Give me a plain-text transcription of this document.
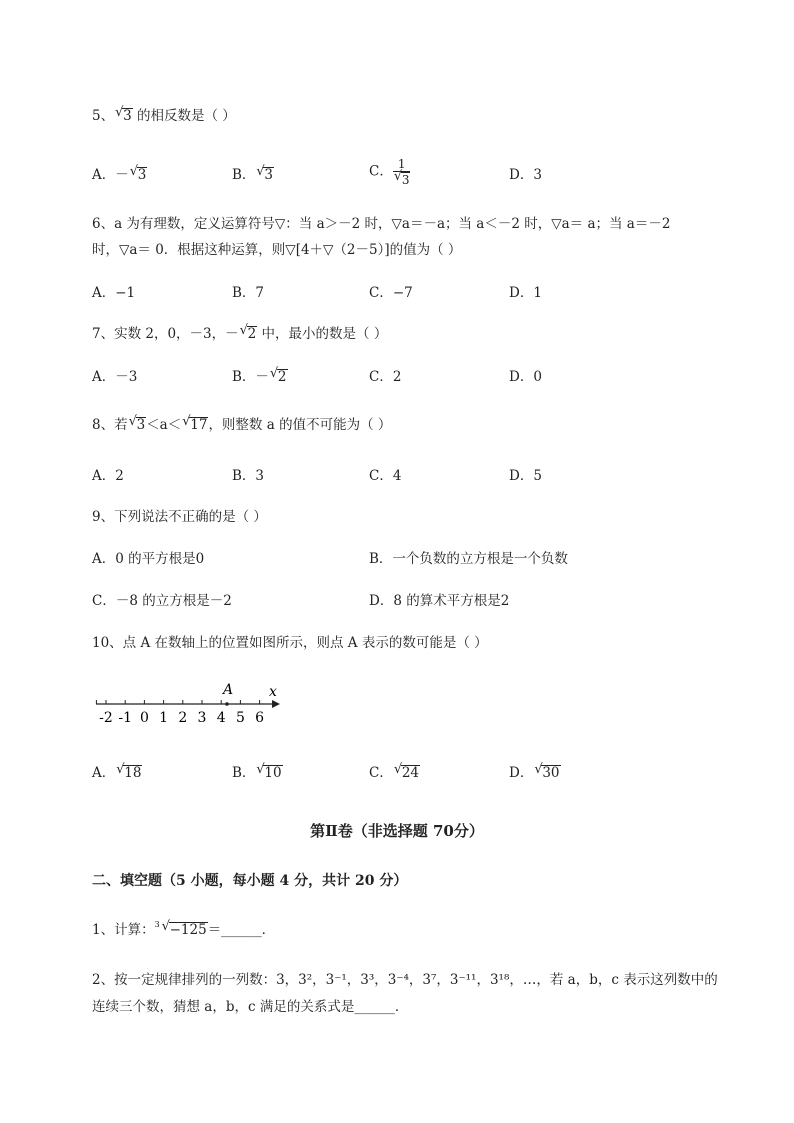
5、 √ 3 的相反数是（ ）
A．－ √ 3	B． √ 3	C． $\frac{1}{√ 3}$	D．3
6、a 为有理数，定义运算符号▽：当 a＞－2 时，▽a＝－a；当 a＜－2 时，▽a＝ a；当 a＝－2
时，▽a＝ 0．根据这种运算，则▽[4＋▽（2－5）]的值为（ ）
A．−1	B．7	C．−7	D．1
7、实数 2，0，－3，－ √ 2 中，最小的数是（ ）
A．－3	B．－ √ 2	C．2	D．0
8、若 √ 3＜a＜ √ 17，则整数 a 的值不可能为（ ）
A．2	B．3	C．4	D．5
9、下列说法不正确的是（ ）
A．0 的平方根是0	B．一个负数的立方根是一个负数
C．－8 的立方根是－2	D．8 的算术平方根是2
10、点 A 在数轴上的位置如图所示，则点 A 表示的数可能是（ ）
-2 -1 0 1 2 3 4 5 6
x
A
A． √ 18	B． √ 10	C． √ 24	D． √ 30
第Ⅱ卷（非选择题 70分）
二、填空题（5 小题，每小题 4 分，共计 20 分）
1、计算： 3 √ −125＝______．
2、按一定规律排列的一列数：3，3²，3⁻¹，3³，3⁻⁴，3⁷，3⁻¹¹，3¹⁸，…，若 a，b，c 表示这列数中的
连续三个数，猜想 a，b，c 满足的关系式是______．
